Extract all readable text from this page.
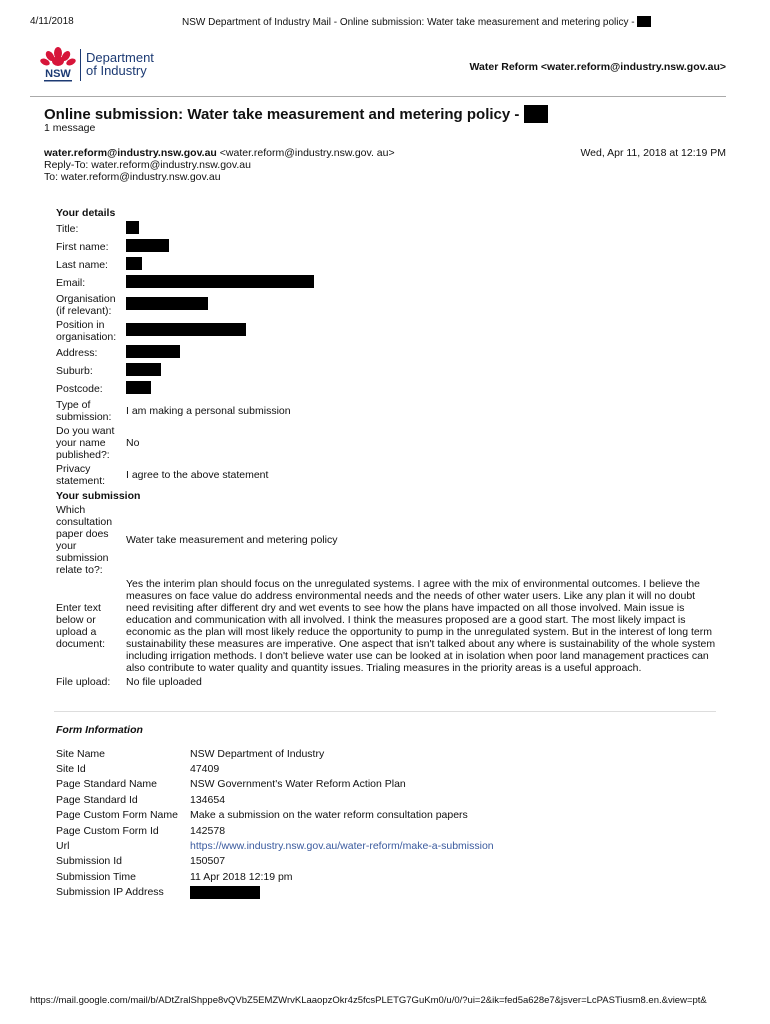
4/11/2018	NSW Department of Industry Mail - Online submission: Water take measurement and metering policy -
NSW
Department
of Industry	Water Reform <water.reform@industry.nsw.gov.au>
Online submission: Water take measurement and metering policy -
1 message
water.reform@industry.nsw.gov.au <water.reform@industry.nsw.gov. au>
Reply-To: water.reform@industry.nsw.gov.au
To: water.reform@industry.nsw.gov.au
Wed, Apr 11, 2018 at 12:19 PM
Your details	
Title:	
First name:	
Last name:	
Email:	
Organisation (if relevant):	
Position in organisation:	
Address:	
Suburb:	
Postcode:	
Type of submission:	I am making a personal submission
Do you want your name published?:	No
Privacy statement:	I agree to the above statement
Your submission	
Which consultation paper does your submission relate to?:	Water take measurement and metering policy
Enter text below or upload a document:	Yes the interim plan should focus on the unregulated systems. I agree with the mix of environmental outcomes. I believe the measures on face value do address environmental needs and the needs of other water users. Like any plan it will no doubt need revisiting after different dry and wet events to see how the plans have impacted on all those involved. Main issue is education and communication with all involved. I think the measures proposed are a good start. The most likely impact is economic as the plan will most likely reduce the opportunity to pump in the unregulated system. But in the interest of long term sustainability these measures are imperative. One aspect that isn't talked about any where is sustainability of the whole system including irrigation methods. I don't believe water use can be looked at in isolation when poor land management practices can also contribute to water quality and quantity issues. Trialing measures in the priority areas is a useful approach.
File upload:	No file uploaded
Form Information
Site Name	NSW Department of Industry
Site Id	47409
Page Standard Name	NSW Government's Water Reform Action Plan
Page Standard Id	134654
Page Custom Form Name	Make a submission on the water reform consultation papers
Page Custom Form Id	142578
Url	https://www.industry.nsw.gov.au/water-reform/make-a-submission
Submission Id	150507
Submission Time	11 Apr 2018 12:19 pm
Submission IP Address	
https://mail.google.com/mail/b/ADtZralShppe8vQVbZ5EMZWrvKLaaopzOkr4z5fcsPLETG7GuKm0/u/0/?ui=2&ik=fed5a628e7&jsver=LcPASTiusm8.en.&view=pt&
